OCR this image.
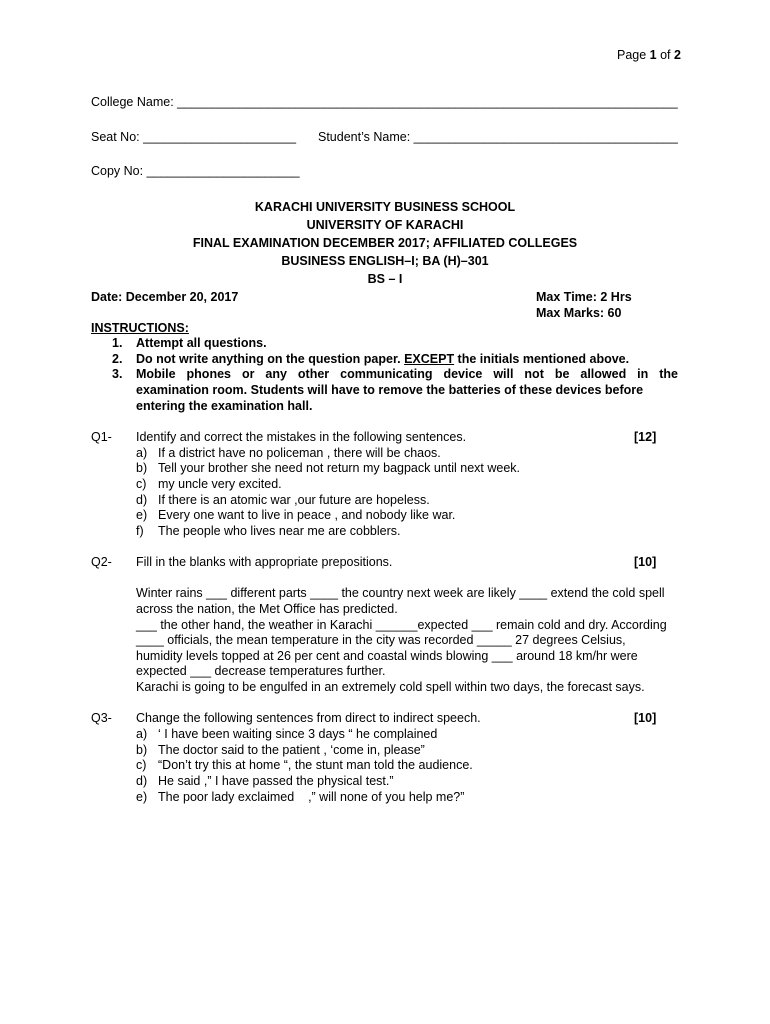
Page 1 of 2
College Name: ________________________________________________________________________
Seat No: ______________________ Student’s Name: ______________________________________
Copy No: ______________________
KARACHI UNIVERSITY BUSINESS SCHOOL
UNIVERSITY OF KARACHI
FINAL EXAMINATION DECEMBER 2017; AFFILIATED COLLEGES
BUSINESS ENGLISH–I; BA (H)–301
BS – I
Date: December 20, 2017	Max Time: 2 Hrs
Max Marks: 60
INSTRUCTIONS:
1. Attempt all questions.
2. Do not write anything on the question paper. EXCEPT the initials mentioned above.
3. Mobile phones or any other communicating device will not be allowed in the
examination room. Students will have to remove the batteries of these devices before
entering the examination hall.
Q1- Identify and correct the mistakes in the following sentences.	[12]
a) If a district have no policeman , there will be chaos.
b) Tell your brother she need not return my bagpack until next week.
c) my uncle very excited.
d) If there is an atomic war ,our future are hopeless.
e) Every one want to live in peace , and nobody like war.
f) The people who lives near me are cobblers.
Q2- Fill in the blanks with appropriate prepositions.	[10]
Winter rains ___ different parts ____ the country next week are likely ____ extend the cold spell
across the nation, the Met Office has predicted.
___ the other hand, the weather in Karachi ______expected ___ remain cold and dry. According
____ officials, the mean temperature in the city was recorded _____ 27 degrees Celsius,
humidity levels topped at 26 per cent and coastal winds blowing ___ around 18 km/hr were
expected ___ decrease temperatures further.
Karachi is going to be engulfed in an extremely cold spell within two days, the forecast says.
Q3- Change the following sentences from direct to indirect speech.	[10]
a) ‘ I have been waiting since 3 days “ he complained
b) The doctor said to the patient , ‘come in, please”
c) “Don’t try this at home “, the stunt man told the audience.
d) He said ,” I have passed the physical test.”
e) The poor lady exclaimed    ,” will none of you help me?”
